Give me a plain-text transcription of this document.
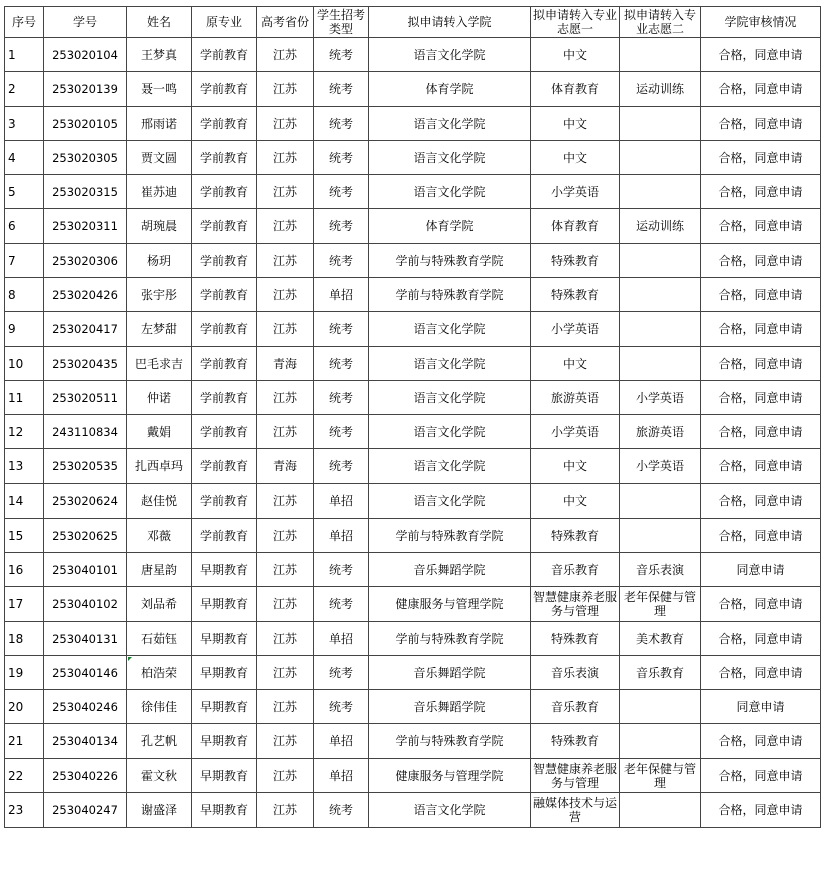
序号	学号	姓名	原专业	高考省份	学生招考类型	拟申请转入学院	拟申请转入专业志愿一	拟申请转入专业志愿二	学院审核情况
1	253020104	王梦真	学前教育	江苏	统考	语言文化学院	中文		合格，同意申请
2	253020139	聂一鸣	学前教育	江苏	统考	体育学院	体育教育	运动训练	合格，同意申请
3	253020105	邢雨诺	学前教育	江苏	统考	语言文化学院	中文		合格，同意申请
4	253020305	贾文圆	学前教育	江苏	统考	语言文化学院	中文		合格，同意申请
5	253020315	崔苏迪	学前教育	江苏	统考	语言文化学院	小学英语		合格，同意申请
6	253020311	胡琬晨	学前教育	江苏	统考	体育学院	体育教育	运动训练	合格，同意申请
7	253020306	杨玥	学前教育	江苏	统考	学前与特殊教育学院	特殊教育		合格，同意申请
8	253020426	张宇彤	学前教育	江苏	单招	学前与特殊教育学院	特殊教育		合格，同意申请
9	253020417	左梦甜	学前教育	江苏	统考	语言文化学院	小学英语		合格，同意申请
10	253020435	巴毛求吉	学前教育	青海	统考	语言文化学院	中文		合格，同意申请
11	253020511	仲诺	学前教育	江苏	统考	语言文化学院	旅游英语	小学英语	合格，同意申请
12	243110834	戴娟	学前教育	江苏	统考	语言文化学院	小学英语	旅游英语	合格，同意申请
13	253020535	扎西卓玛	学前教育	青海	统考	语言文化学院	中文	小学英语	合格，同意申请
14	253020624	赵佳悦	学前教育	江苏	单招	语言文化学院	中文		合格，同意申请
15	253020625	邓薇	学前教育	江苏	单招	学前与特殊教育学院	特殊教育		合格，同意申请
16	253040101	唐星韵	早期教育	江苏	统考	音乐舞蹈学院	音乐教育	音乐表演	同意申请
17	253040102	刘品希	早期教育	江苏	统考	健康服务与管理学院	智慧健康养老服务与管理	老年保健与管理	合格，同意申请
18	253040131	石茹钰	早期教育	江苏	单招	学前与特殊教育学院	特殊教育	美术教育	合格，同意申请
19	253040146	柏浩荣	早期教育	江苏	统考	音乐舞蹈学院	音乐表演	音乐教育	合格，同意申请
20	253040246	徐伟佳	早期教育	江苏	统考	音乐舞蹈学院	音乐教育		同意申请
21	253040134	孔艺帆	早期教育	江苏	单招	学前与特殊教育学院	特殊教育		合格，同意申请
22	253040226	霍文秋	早期教育	江苏	单招	健康服务与管理学院	智慧健康养老服务与管理	老年保健与管理	合格，同意申请
23	253040247	谢盛泽	早期教育	江苏	统考	语言文化学院	融媒体技术与运营		合格，同意申请
